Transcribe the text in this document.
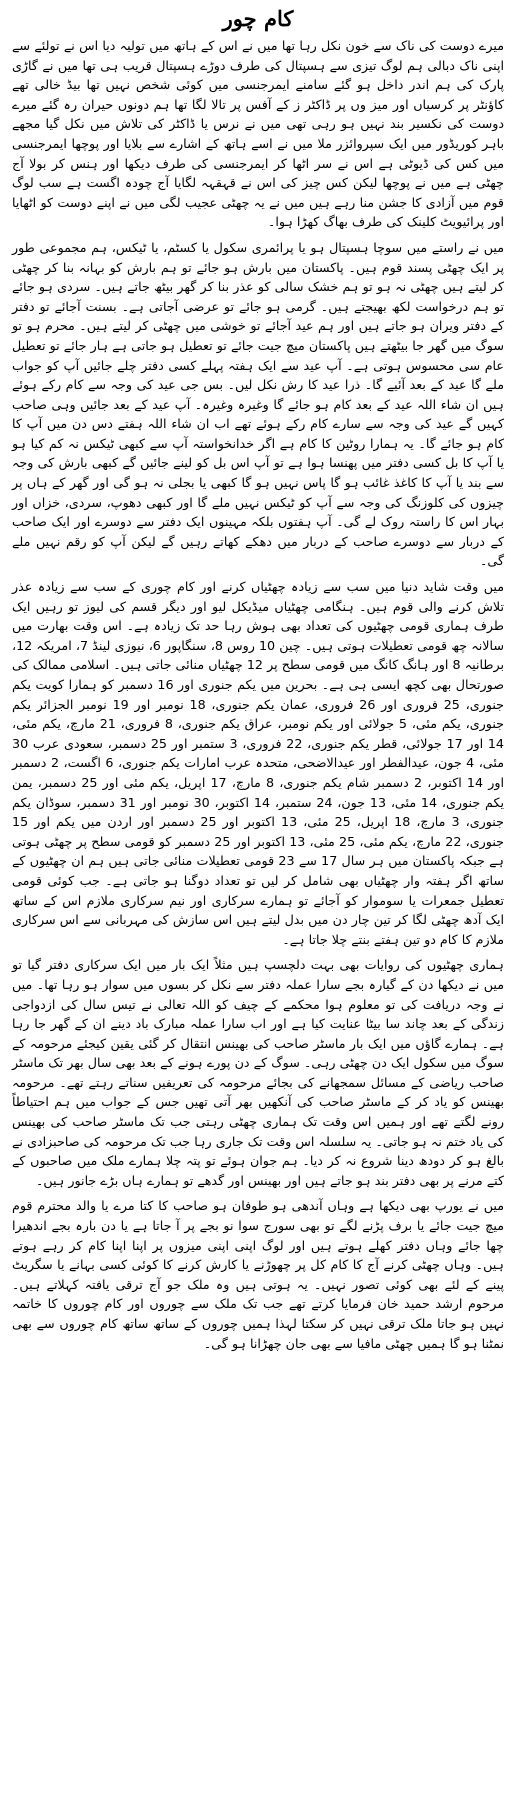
کام چور

میرے دوست کی ناک سے خون نکل رہا تھا میں نے اس کے ہاتھ میں تولیہ دیا اس نے تولئے سے اپنی ناک دبالی ہم لوگ تیزی سے ہسپتال کی طرف دوڑے ہسپتال قریب ہی تھا میں نے گاڑی پارک کی ہم اندر داخل ہو گئے سامنے ایمرجنسی میں کوئی شخص نہیں تھا بیڈ خالی تھے کاؤنٹر پر کرسیاں اور میز وں پر ڈاکٹر ز کے آفس پر تالا لگا تھا ہم دونوں حیران رہ گئے میرے دوست کی نکسیر بند نہیں ہو رہی تھی میں نے نرس یا ڈاکٹر کی تلاش میں نکل گیا مجھے باہر کوریڈور میں ایک سپروائزر ملا میں نے اسے ہاتھ کے اشارے سے بلایا اور پوچھا ایمرجنسی میں کس کی ڈیوٹی ہے اس نے سر اٹھا کر ایمرجنسی کی طرف دیکھا اور ہنس کر بولا آج چھٹی ہے میں نے پوچھا لیکن کس چیز کی اس نے قہقہہ لگایا آج چودہ اگست ہے سب لوگ قوم میں آزادی کا جشن منا رہے ہیں میں نے یہ چھٹی عجیب لگی میں نے اپنے دوست کو اٹھایا اور پرائیویٹ کلینک کی طرف بھاگ کھڑا ہوا۔

میں نے راستے میں سوچا ہسپتال ہو یا پرائمری سکول یا کسٹم، یا ٹیکس، ہم مجموعی طور پر ایک چھٹی پسند قوم ہیں۔ پاکستان میں بارش ہو جائے تو ہم بارش کو بہانہ بنا کر چھٹی کر لیتے ہیں چھٹی نہ ہو تو ہم خشک سالی کو عذر بنا کر گھر بیٹھ جاتے ہیں۔ سردی ہو جائے تو ہم درخواست لکھ بھیجتے ہیں۔ گرمی ہو جائے تو عرضی آجاتی ہے۔ بسنت آجائے تو دفتر کے دفتر ویران ہو جاتے ہیں اور ہم عید آجائے تو خوشی میں چھٹی کر لیتے ہیں۔ محرم ہو تو سوگ میں گھر جا بیٹھتے ہیں پاکستان میچ جیت جائے تو تعطیل ہو جاتی ہے ہار جائے تو تعطیل عام سی محسوس ہوتی ہے۔ آپ عید سے ایک ہفتہ پہلے کسی دفتر چلے جائیں آپ کو جواب ملے گا عید کے بعد آئیے گا۔ ذرا عید کا رش نکل لیں۔ بس جی عید کی وجہ سے کام رکے ہوئے ہیں ان شاء اللہ عید کے بعد کام ہو جائے گا وغیرہ وغیرہ۔ آپ عید کے بعد جائیں وہی صاحب کہیں گے عید کی وجہ سے سارے کام رکے ہوئے تھے اب ان شاء اللہ ہفتے دس دن میں آپ کا کام ہو جائے گا۔ یہ ہمارا روٹین کا کام ہے اگر خدانخواستہ آپ سے کبھی ٹیکس نہ کم کیا ہو یا آپ کا بل کسی دفتر میں پھنسا ہوا ہے تو آپ اس بل کو لینے جائیں گے کبھی بارش کی وجہ سے بند یا آپ کا کاغذ غائب ہو گا پاس نہیں ہو گا کبھی یا بجلی نہ ہو گی اور گھر کے ہاں پر چیزوں کی کلوزنگ کی وجہ سے آپ کو ٹیکس نہیں ملے گا اور کبھی دھوپ، سردی، خزاں اور بہار اس کا راستہ روک لے گی۔ آپ ہفتوں بلکہ مہینوں ایک دفتر سے دوسرے اور ایک صاحب کے دربار سے دوسرے صاحب کے دربار میں دھکے کھاتے رہیں گے لیکن آپ کو رقم نہیں ملے گی۔

میں وقت شاید دنیا میں سب سے زیادہ چھٹیاں کرنے اور کام چوری کے سب سے زیادہ عذر تلاش کرنے والی قوم ہیں۔ ہنگامی چھٹیاں میڈیکل لیو اور دیگر قسم کی لیوز تو رہیں ایک طرف ہماری قومی چھٹیوں کی تعداد بھی ہوش رہا حد تک زیادہ ہے۔ اس وقت بھارت میں سالانہ چھ قومی تعطیلات ہوتی ہیں۔ چین 10 روس 8، سنگاپور 6، نیوزی لینڈ 7، امریکہ 12، برطانیہ 8 اور ہانگ کانگ میں قومی سطح پر 12 چھٹیاں منائی جاتی ہیں۔ اسلامی ممالک کی صورتحال بھی کچھ ایسی ہی ہے۔ بحرین میں یکم جنوری اور 16 دسمبر کو ہمارا کویت یکم جنوری، 25 فروری اور 26 فروری، عمان یکم جنوری، 18 نومبر اور 19 نومبر الجزائر یکم جنوری، یکم مئی، 5 جولائی اور یکم نومبر، عراق یکم جنوری، 8 فروری، 21 مارچ، یکم مئی، 14 اور 17 جولائی، قطر یکم جنوری، 22 فروری، 3 ستمبر اور 25 دسمبر، سعودی عرب 30 مئی، 4 جون، عیدالفطر اور عیدالاضحی، متحدہ عرب امارات یکم جنوری، 6 اگست، 2 دسمبر اور 14 اکتوبر، 2 دسمبر شام یکم جنوری، 8 مارچ، 17 اپریل، یکم مئی اور 25 دسمبر، یمن یکم جنوری، 14 مئی، 13 جون، 24 ستمبر، 14 اکتوبر، 30 نومبر اور 31 دسمبر، سوڈان یکم جنوری، 3 مارچ، 18 اپریل، 25 مئی، 13 اکتوبر اور 25 دسمبر اور اردن میں یکم اور 15 جنوری، 22 مارچ، یکم مئی، 25 مئی، 13 اکتوبر اور 25 دسمبر کو قومی سطح پر چھٹی ہوتی ہے جبکہ پاکستان میں ہر سال 17 سے 23 قومی تعطیلات منائی جاتی ہیں ہم ان چھٹیوں کے ساتھ اگر ہفتہ وار چھٹیاں بھی شامل کر لیں تو تعداد دوگنا ہو جاتی ہے۔ جب کوئی قومی تعطیل جمعرات یا سوموار کو آجائے تو ہمارے سرکاری اور نیم سرکاری ملازم اس کے ساتھ ایک آدھ چھٹی لگا کر تین چار دن میں بدل لیتے ہیں اس سازش کی مہربانی سے اس سرکاری ملازم کا کام دو تین ہفتے بنتے چلا جاتا ہے۔

ہماری چھٹیوں کی روایات بھی بہت دلچسپ ہیں مثلاً ایک بار میں ایک سرکاری دفتر گیا تو میں نے دیکھا دن کے گیارہ بجے سارا عملہ دفتر سے نکل کر بسوں میں سوار ہو رہا تھا۔ میں نے وجہ دریافت کی تو معلوم ہوا محکمے کے چیف کو اللہ تعالی نے تیس سال کی ازدواجی زندگی کے بعد چاند سا بیٹا عنایت کیا ہے اور اب سارا عملہ مبارک باد دینے ان کے گھر جا رہا ہے۔ ہمارے گاؤں میں ایک بار ماسٹر صاحب کی بھینس انتقال کر گئی یقین کیجئے مرحومہ کے سوگ میں سکول ایک دن چھٹی رہی۔ سوگ کے دن پورے ہونے کے بعد بھی سال بھر تک ماسٹر صاحب ریاضی کے مسائل سمجھانے کی بجائے مرحومہ کی تعریفیں سناتے رہتے تھے۔ مرحومہ بھینس کو یاد کر کے ماسٹر صاحب کی آنکھیں بھر آتی تھیں جس کے جواب میں ہم احتیاطاً رونے لگتے تھے اور ہمیں اس وقت تک ہماری چھٹی رہتی جب تک ماسٹر صاحب کی بھینس کی یاد ختم نہ ہو جاتی۔ یہ سلسلہ اس وقت تک جاری رہا جب تک مرحومہ کی صاحبزادی نے بالغ ہو کر دودھ دینا شروع نہ کر دیا۔ ہم جوان ہوئے تو پتہ چلا ہمارے ملک میں صاحبوں کے کتے مرنے پر بھی دفتر بند ہو جاتے ہیں اور بھینس اور گدھے تو ہمارے ہاں بڑے جانور ہیں۔

میں نے یورپ بھی دیکھا ہے وہاں آندھی ہو طوفان ہو صاحب کا کتا مرے یا والد محترم قوم میچ جیت جائے یا برف پڑنے لگے تو بھی سورج سوا نو بجے پر آ جاتا ہے یا دن بارہ بجے اندھیرا چھا جائے وہاں دفتر کھلے ہوتے ہیں اور لوگ اپنی اپنی میزوں پر اپنا اپنا کام کر رہے ہوتے ہیں۔ وہاں چھٹی کرنے آج کا کام کل پر چھوڑنے یا کارش کرنے کا کوئی کسی بہانے یا سگریٹ پینے کے لئے بھی کوئی تصور نہیں۔ یہ ہوتی ہیں وہ ملک جو آج ترقی یافتہ کہلاتے ہیں۔ مرحوم ارشد حمید خان فرمایا کرتے تھے جب تک ملک سے چوروں اور کام چوروں کا خاتمہ نہیں ہو جاتا ملک ترقی نہیں کر سکتا لہذا ہمیں چوروں کے ساتھ ساتھ کام چوروں سے بھی نمٹنا ہو گا ہمیں چھٹی مافیا سے بھی جان چھڑانا ہو گی۔
